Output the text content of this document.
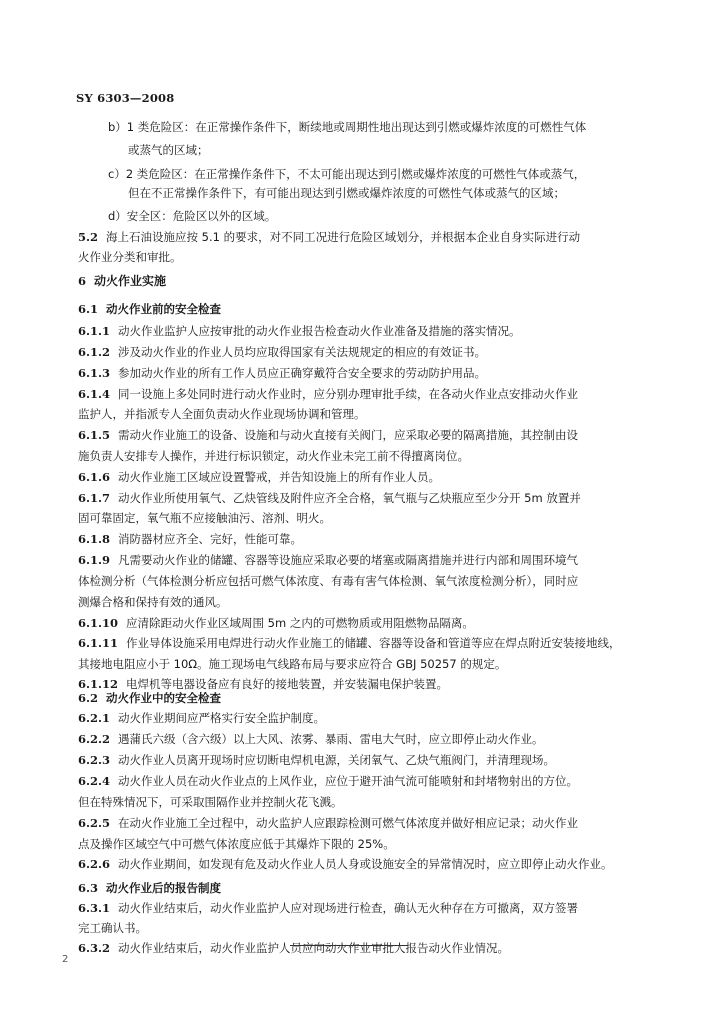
SY 6303—2008
b）1 类危险区：在正常操作条件下，断续地或周期性地出现达到引燃或爆炸浓度的可燃性气体
或蒸气的区域；
c）2 类危险区：在正常操作条件下，不太可能出现达到引燃或爆炸浓度的可燃性气体或蒸气，
但在不正常操作条件下，有可能出现达到引燃或爆炸浓度的可燃性气体或蒸气的区域；
d）安全区：危险区以外的区域。
5.2 海上石油设施应按 5.1 的要求，对不同工况进行危险区域划分，并根据本企业自身实际进行动
火作业分类和审批。
6 动火作业实施
6.1 动火作业前的安全检查
6.1.1 动火作业监护人应按审批的动火作业报告检查动火作业准备及措施的落实情况。
6.1.2 涉及动火作业的作业人员均应取得国家有关法规规定的相应的有效证书。
6.1.3 参加动火作业的所有工作人员应正确穿戴符合安全要求的劳动防护用品。
6.1.4 同一设施上多处同时进行动火作业时，应分别办理审批手续，在各动火作业点安排动火作业
监护人，并指派专人全面负责动火作业现场协调和管理。
6.1.5 需动火作业施工的设备、设施和与动火直接有关阀门，应采取必要的隔离措施，其控制由设
施负责人安排专人操作，并进行标识锁定，动火作业未完工前不得擅离岗位。
6.1.6 动火作业施工区域应设置警戒，并告知设施上的所有作业人员。
6.1.7 动火作业所使用氧气、乙炔管线及附件应齐全合格，氧气瓶与乙炔瓶应至少分开 5m 放置并
固可靠固定，氧气瓶不应接触油污、溶剂、明火。
6.1.8 消防器材应齐全、完好，性能可靠。
6.1.9 凡需要动火作业的储罐、容器等设施应采取必要的堵塞或隔离措施并进行内部和周围环境气
体检测分析（气体检测分析应包括可燃气体浓度、有毒有害气体检测、氧气浓度检测分析），同时应
测爆合格和保持有效的通风。
6.1.10 应清除距动火作业区域周围 5m 之内的可燃物质或用阻燃物品隔离。
6.1.11 作业导体设施采用电焊进行动火作业施工的储罐、容器等设备和管道等应在焊点附近安装接地线，
其接地电阻应小于 10Ω。施工现场电气线路布局与要求应符合 GBJ 50257 的规定。
6.1.12 电焊机等电器设备应有良好的接地装置，并安装漏电保护装置。
6.2 动火作业中的安全检查
6.2.1 动火作业期间应严格实行安全监护制度。
6.2.2 遇蒲氏六级（含六级）以上大风、浓雾、暴雨、雷电大气时，应立即停止动火作业。
6.2.3 动火作业人员离开现场时应切断电焊机电源，关闭氧气、乙炔气瓶阀门，并清理现场。
6.2.4 动火作业人员在动火作业点的上风作业，应位于避开油气流可能喷射和封堵物射出的方位。
但在特殊情况下，可采取围隔作业并控制火花飞溅。
6.2.5 在动火作业施工全过程中，动火监护人应跟踪检测可燃气体浓度并做好相应记录；动火作业
点及操作区域空气中可燃气体浓度应低于其爆炸下限的 25%。
6.2.6 动火作业期间，如发现有危及动火作业人员人身或设施安全的异常情况时，应立即停止动火作业。
6.3 动火作业后的报告制度
6.3.1 动火作业结束后，动火作业监护人应对现场进行检查，确认无火种存在方可撤离，双方签署
完工确认书。
6.3.2 动火作业结束后，动火作业监护人员应向动火作业审批人报告动火作业情况。
2
